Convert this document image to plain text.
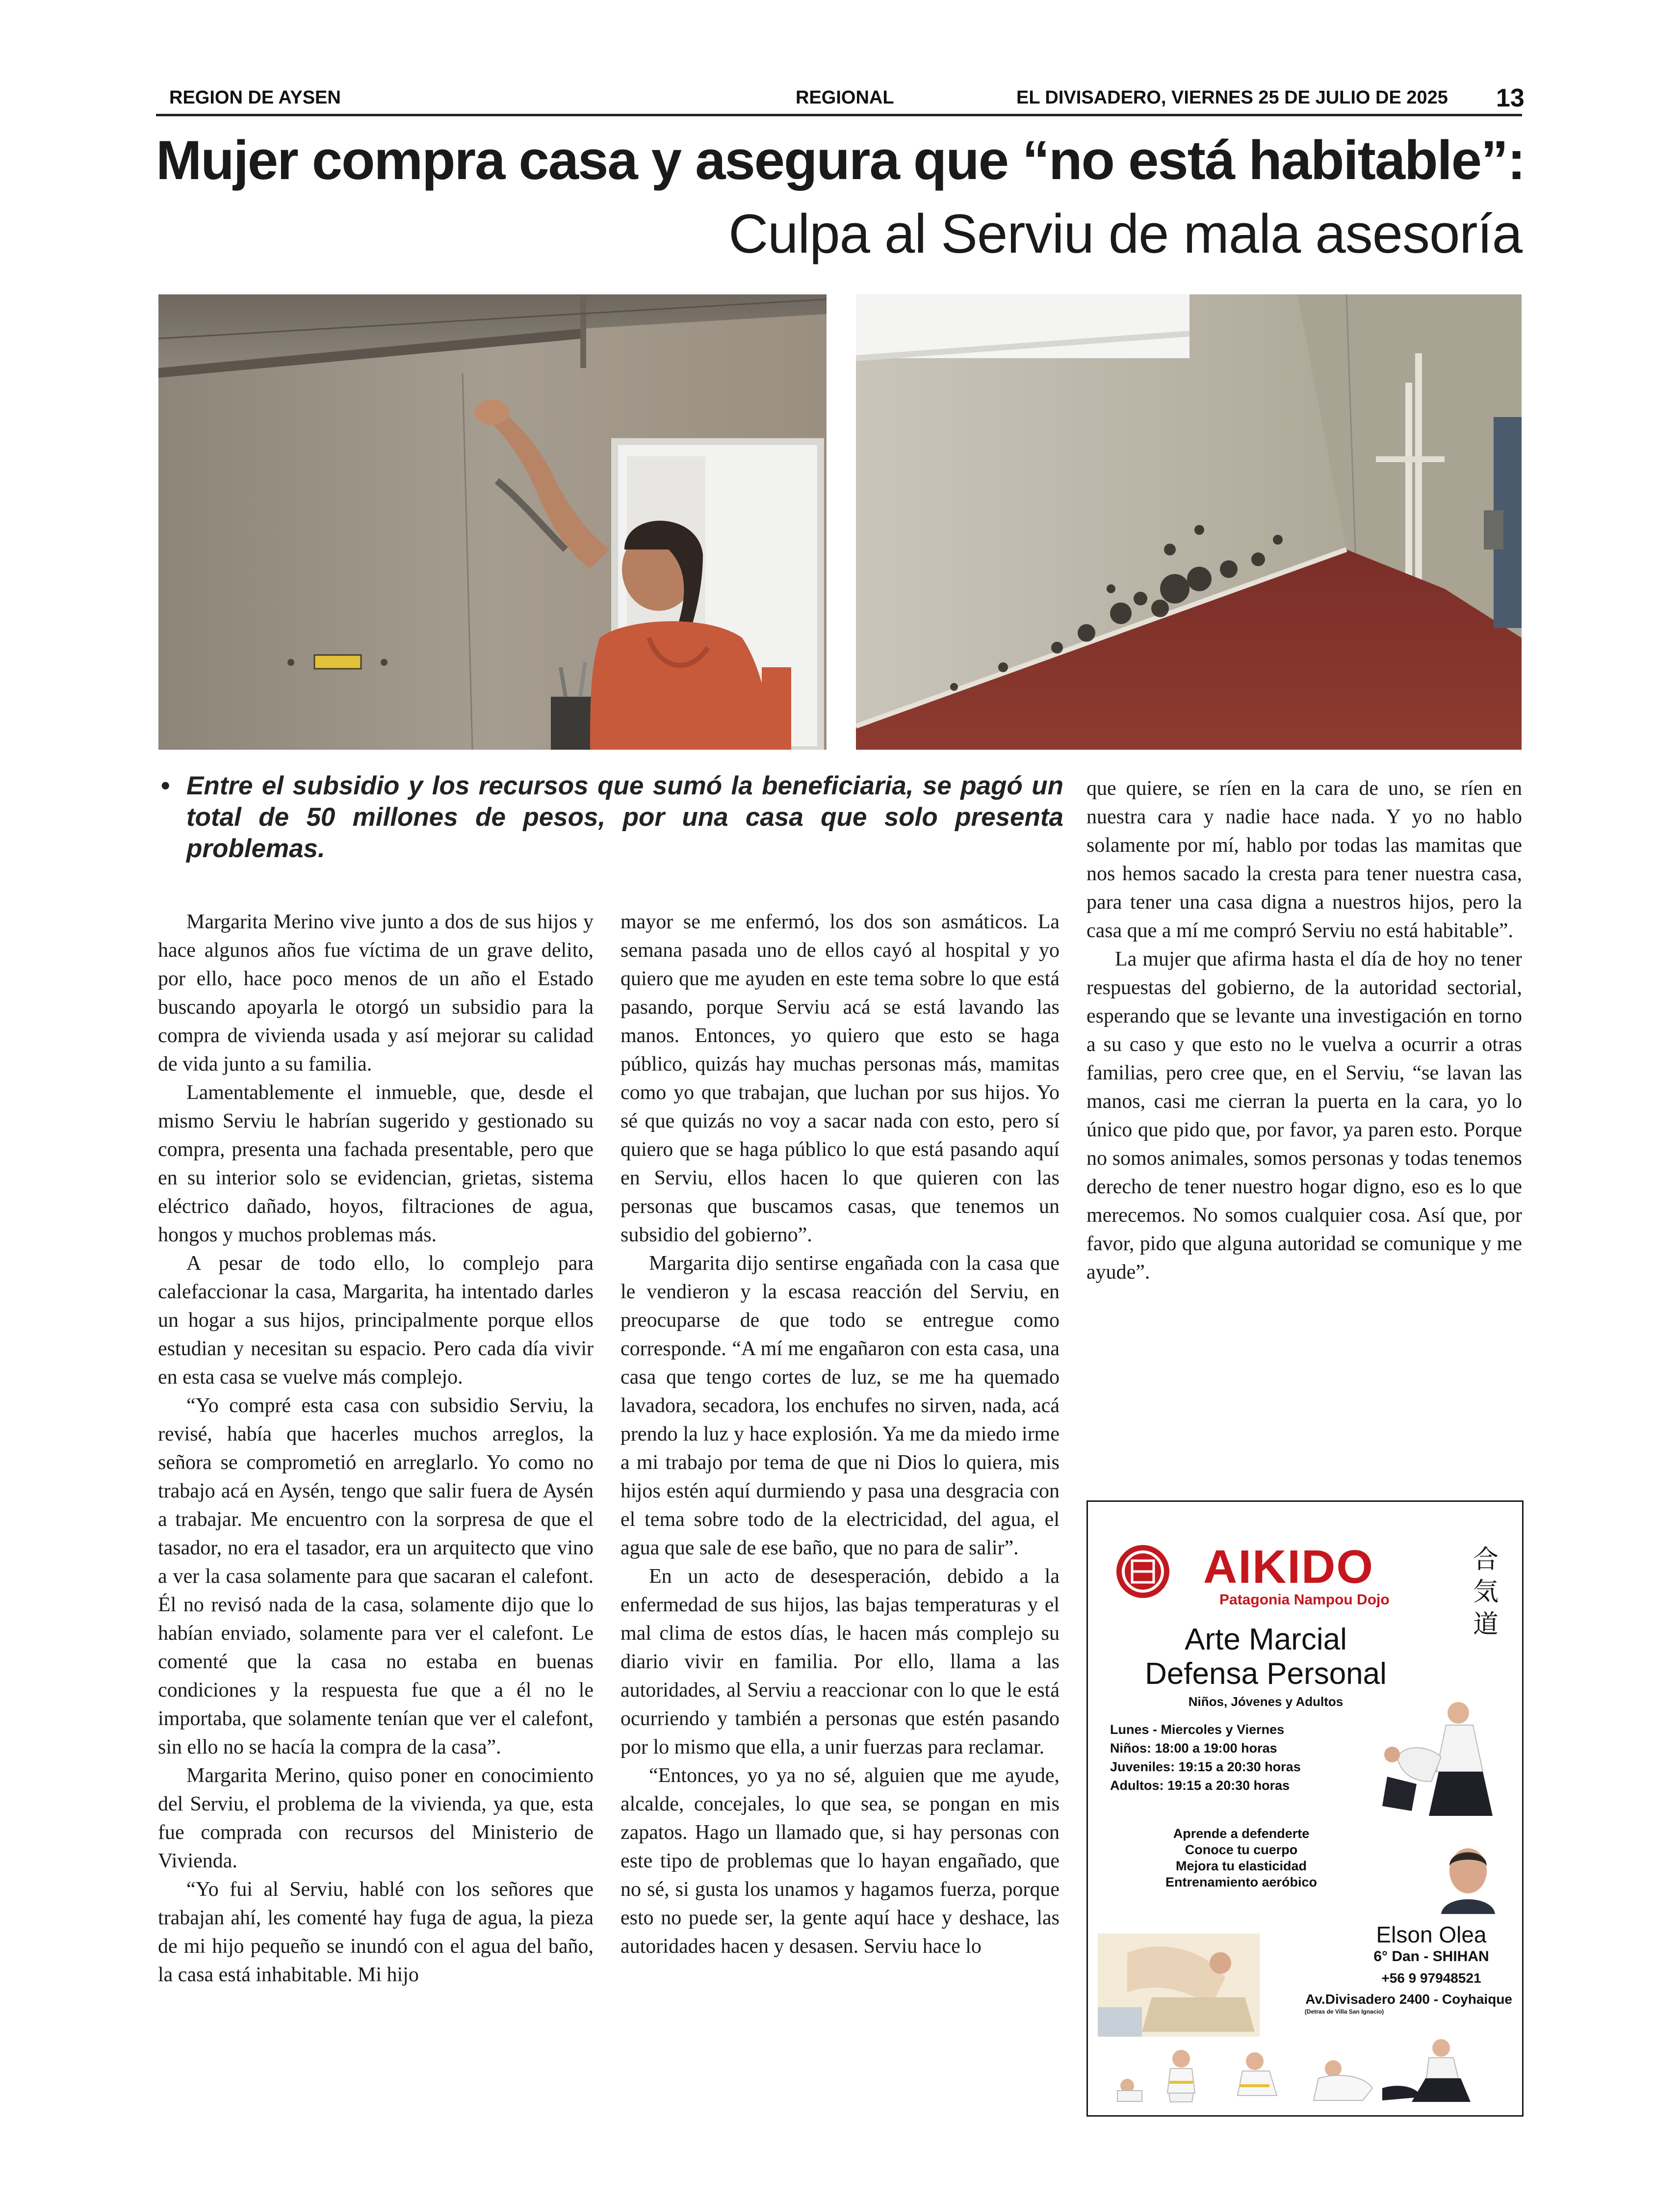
REGION DE AYSEN	REGIONAL	EL DIVISADERO, VIERNES 25 DE JULIO DE 2025 13
Mujer compra casa y asegura que “no está habitable”:
Culpa al Serviu de mala asesoría
• Entre el subsidio y los recursos que sumó la beneficiaria, se pagó un total de 50 millones de pesos, por una casa que solo presenta problemas.

Margarita Merino vive junto a dos de sus hijos y hace algunos años fue víctima de un grave delito, por ello, hace poco menos de un año el Estado buscando apoyarla le otorgó un subsidio para la compra de vivienda usada y así mejorar su calidad de vida junto a su familia.

Lamentablemente el inmueble, que, desde el mismo Serviu le habrían sugerido y gestionado su compra, presenta una fachada presentable, pero que en su interior solo se evidencian, grietas, sistema eléctrico dañado, hoyos, filtraciones de agua, hongos y muchos problemas más.

A pesar de todo ello, lo complejo para calefaccionar la casa, Margarita, ha intentado darles un hogar a sus hijos, principalmente porque ellos estudian y necesitan su espacio. Pero cada día vivir en esta casa se vuelve más complejo.

“Yo compré esta casa con subsidio Serviu, la revisé, había que hacerles muchos arreglos, la señora se comprometió en arreglarlo. Yo como no trabajo acá en Aysén, tengo que salir fuera de Aysén a trabajar. Me encuentro con la sorpresa de que el tasador, no era el tasador, era un arquitecto que vino a ver la casa solamente para que sacaran el calefont. Él no revisó nada de la casa, solamente dijo que lo habían enviado, solamente para ver el calefont. Le comenté que la casa no estaba en buenas condiciones y la respuesta fue que a él no le importaba, que solamente tenían que ver el calefont, sin ello no se hacía la compra de la casa”.

Margarita Merino, quiso poner en conocimiento del Serviu, el problema de la vivienda, ya que, esta fue comprada con recursos del Ministerio de Vivienda.

“Yo fui al Serviu, hablé con los señores que trabajan ahí, les comenté hay fuga de agua, la pieza de mi hijo pequeño se inundó con el agua del baño, la casa está inhabitable. Mi hijo

mayor se me enfermó, los dos son asmáticos. La semana pasada uno de ellos cayó al hospital y yo quiero que me ayuden en este tema sobre lo que está pasando, porque Serviu acá se está lavando las manos. Entonces, yo quiero que esto se haga público, quizás hay muchas personas más, mamitas como yo que trabajan, que luchan por sus hijos. Yo sé que quizás no voy a sacar nada con esto, pero sí quiero que se haga público lo que está pasando aquí en Serviu, ellos hacen lo que quieren con las personas que buscamos casas, que tenemos un subsidio del gobierno”.

Margarita dijo sentirse engañada con la casa que le vendieron y la escasa reacción del Serviu, en preocuparse de que todo se entregue como corresponde. “A mí me engañaron con esta casa, una casa que tengo cortes de luz, se me ha quemado lavadora, secadora, los enchufes no sirven, nada, acá prendo la luz y hace explosión. Ya me da miedo irme a mi trabajo por tema de que ni Dios lo quiera, mis hijos estén aquí durmiendo y pasa una desgracia con el tema sobre todo de la electricidad, del agua, el agua que sale de ese baño, que no para de salir”.

En un acto de desesperación, debido a la enfermedad de sus hijos, las bajas temperaturas y el mal clima de estos días, le hacen más complejo su diario vivir en familia. Por ello, llama a las autoridades, al Serviu a reaccionar con lo que le está ocurriendo y también a personas que estén pasando por lo mismo que ella, a unir fuerzas para reclamar.

“Entonces, yo ya no sé, alguien que me ayude, alcalde, concejales, lo que sea, se pongan en mis zapatos. Hago un llamado que, si hay personas con este tipo de problemas que lo hayan engañado, que no sé, si gusta los unamos y hagamos fuerza, porque esto no puede ser, la gente aquí hace y deshace, las autoridades hacen y desasen. Serviu hace lo

que quiere, se ríen en la cara de uno, se ríen en nuestra cara y nadie hace nada. Y yo no hablo solamente por mí, hablo por todas las mamitas que nos hemos sacado la cresta para tener nuestra casa, para tener una casa digna a nuestros hijos, pero la casa que a mí me compró Serviu no está habitable”.

La mujer que afirma hasta el día de hoy no tener respuestas del gobierno, de la autoridad sectorial, esperando que se levante una investigación en torno a su caso y que esto no le vuelva a ocurrir a otras familias, pero cree que, en el Serviu, “se lavan las manos, casi me cierran la puerta en la cara, yo lo único que pido que, por favor, ya paren esto. Porque no somos animales, somos personas y todas tenemos derecho de tener nuestro hogar digno, eso es lo que merecemos. No somos cualquier cosa. Así que, por favor, pido que alguna autoridad se comunique y me ayude”.

AIKIDO
Patagonia Nampou Dojo
合気道
Arte Marcial
Defensa Personal
Niños, Jóvenes y Adultos
Lunes - Miercoles y Viernes
Niños: 18:00 a 19:00 horas
Juveniles: 19:15 a 20:30 horas
Adultos: 19:15 a 20:30 horas
Aprende a defenderte
Conoce tu cuerpo
Mejora tu elasticidad
Entrenamiento aeróbico
Elson Olea
6° Dan - SHIHAN
+56 9 97948521
Av.Divisadero 2400 - Coyhaique
(Detras de Villa San Ignacio)
